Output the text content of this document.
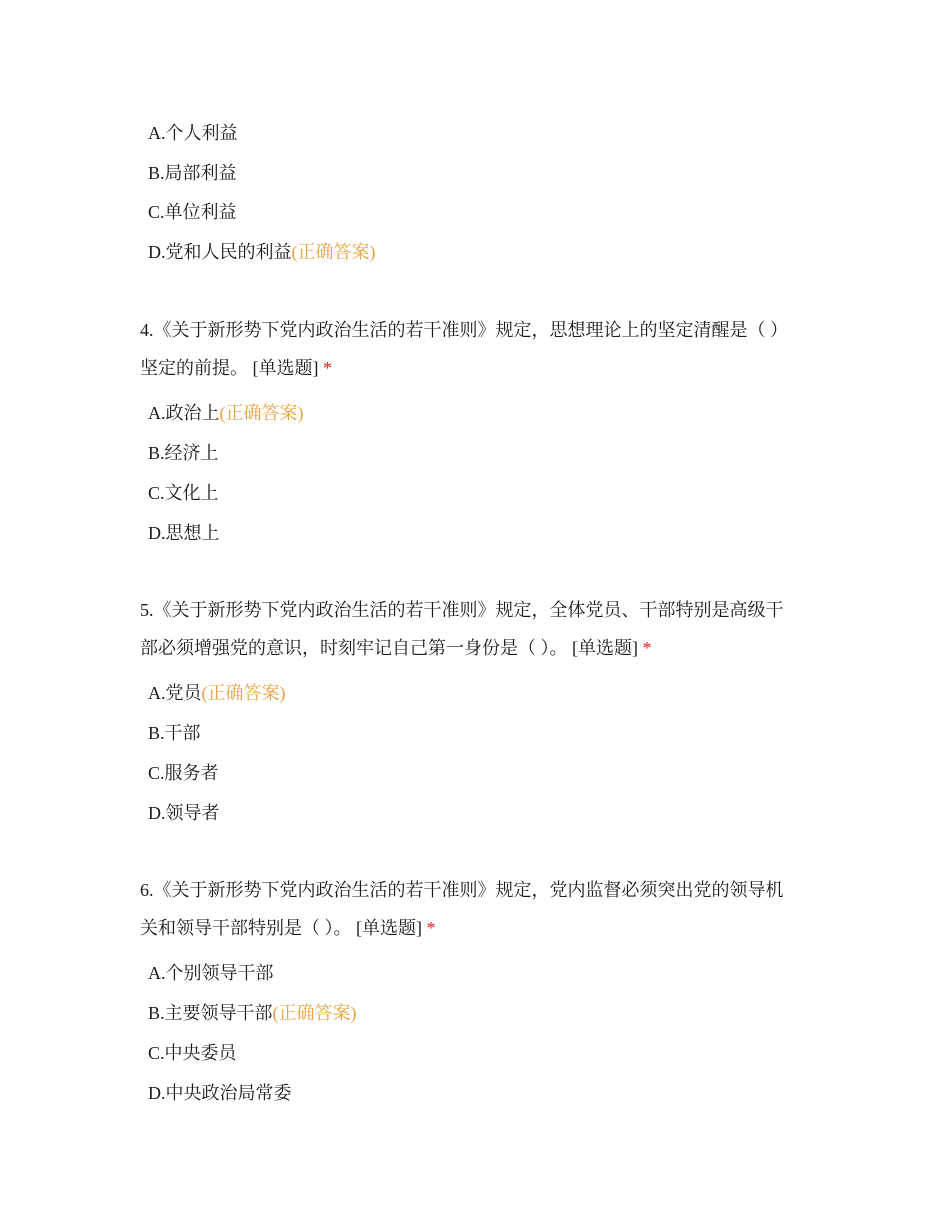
A.个人利益
B.局部利益
C.单位利益
D.党和人民的利益(正确答案)
4.《关于新形势下党内政治生活的若干准则》规定，思想理论上的坚定清醒是（ ）
坚定的前提。 [单选题] *
A.政治上(正确答案)
B.经济上
C.文化上
D.思想上
5.《关于新形势下党内政治生活的若干准则》规定，全体党员、干部特别是高级干
部必须增强党的意识，时刻牢记自己第一身份是（ ）。 [单选题] *
A.党员(正确答案)
B.干部
C.服务者
D.领导者
6.《关于新形势下党内政治生活的若干准则》规定，党内监督必须突出党的领导机
关和领导干部特别是（ ）。 [单选题] *
A.个别领导干部
B.主要领导干部(正确答案)
C.中央委员
D.中央政治局常委
